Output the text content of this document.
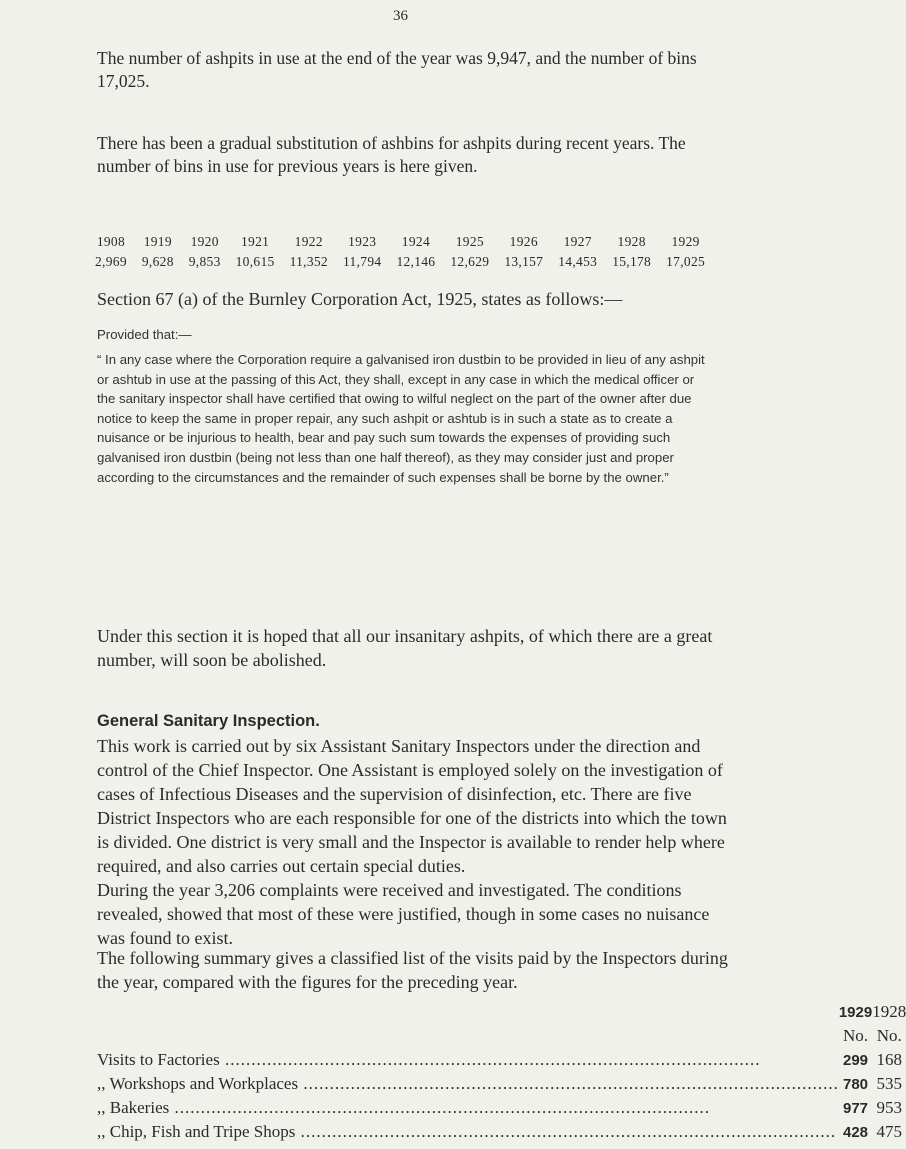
36

The number of ashpits in use at the end of the year was 9,947, and the number of bins 17,025.

There has been a gradual substitution of ashbins for ashpits during recent years. The number of bins in use for previous years is here given.

1908	1919	1920	1921	1922	1923	1924	1925	1926	1927	1928	1929
2,969	9,628	9,853	10,615	11,352	11,794	12,146	12,629	13,157	14,453	15,178	17,025

Section 67 (a) of the Burnley Corporation Act, 1925, states as follows:—

Provided that:—

“ In any case where the Corporation require a galvanised iron dustbin to be provided in lieu of any ashpit or ashtub in use at the passing of this Act, they shall, except in any case in which the medical officer or the sanitary inspector shall have certified that owing to wilful neglect on the part of the owner after due notice to keep the same in proper repair, any such ashpit or ashtub is in such a state as to create a nuisance or be injurious to health, bear and pay such sum towards the expenses of providing such galvanised iron dustbin (being not less than one half thereof), as they may consider just and proper according to the circumstances and the remainder of such expenses shall be borne by the owner.”

Under this section it is hoped that all our insanitary ashpits, of which there are a great number, will soon be abolished.

General Sanitary Inspection.

This work is carried out by six Assistant Sanitary Inspectors under the direction and control of the Chief Inspector. One Assistant is employed solely on the investigation of cases of Infectious Diseases and the supervision of disinfection, etc. There are five District Inspectors who are each responsible for one of the districts into which the town is divided. One district is very small and the Inspector is available to render help where required, and also carries out certain special duties.

During the year 3,206 complaints were received and investigated. The conditions revealed, showed that most of these were justified, though in some cases no nuisance was found to exist.

The following summary gives a classified list of the visits paid by the Inspectors during the year, compared with the figures for the preceding year.

	1929	1928
	No.	No.
Visits to Factories .....	299	168
,, Workshops and Workplaces .....	780	535
,, Bakeries .....	977	953
,, Chip, Fish and Tripe Shops .....	428	475
